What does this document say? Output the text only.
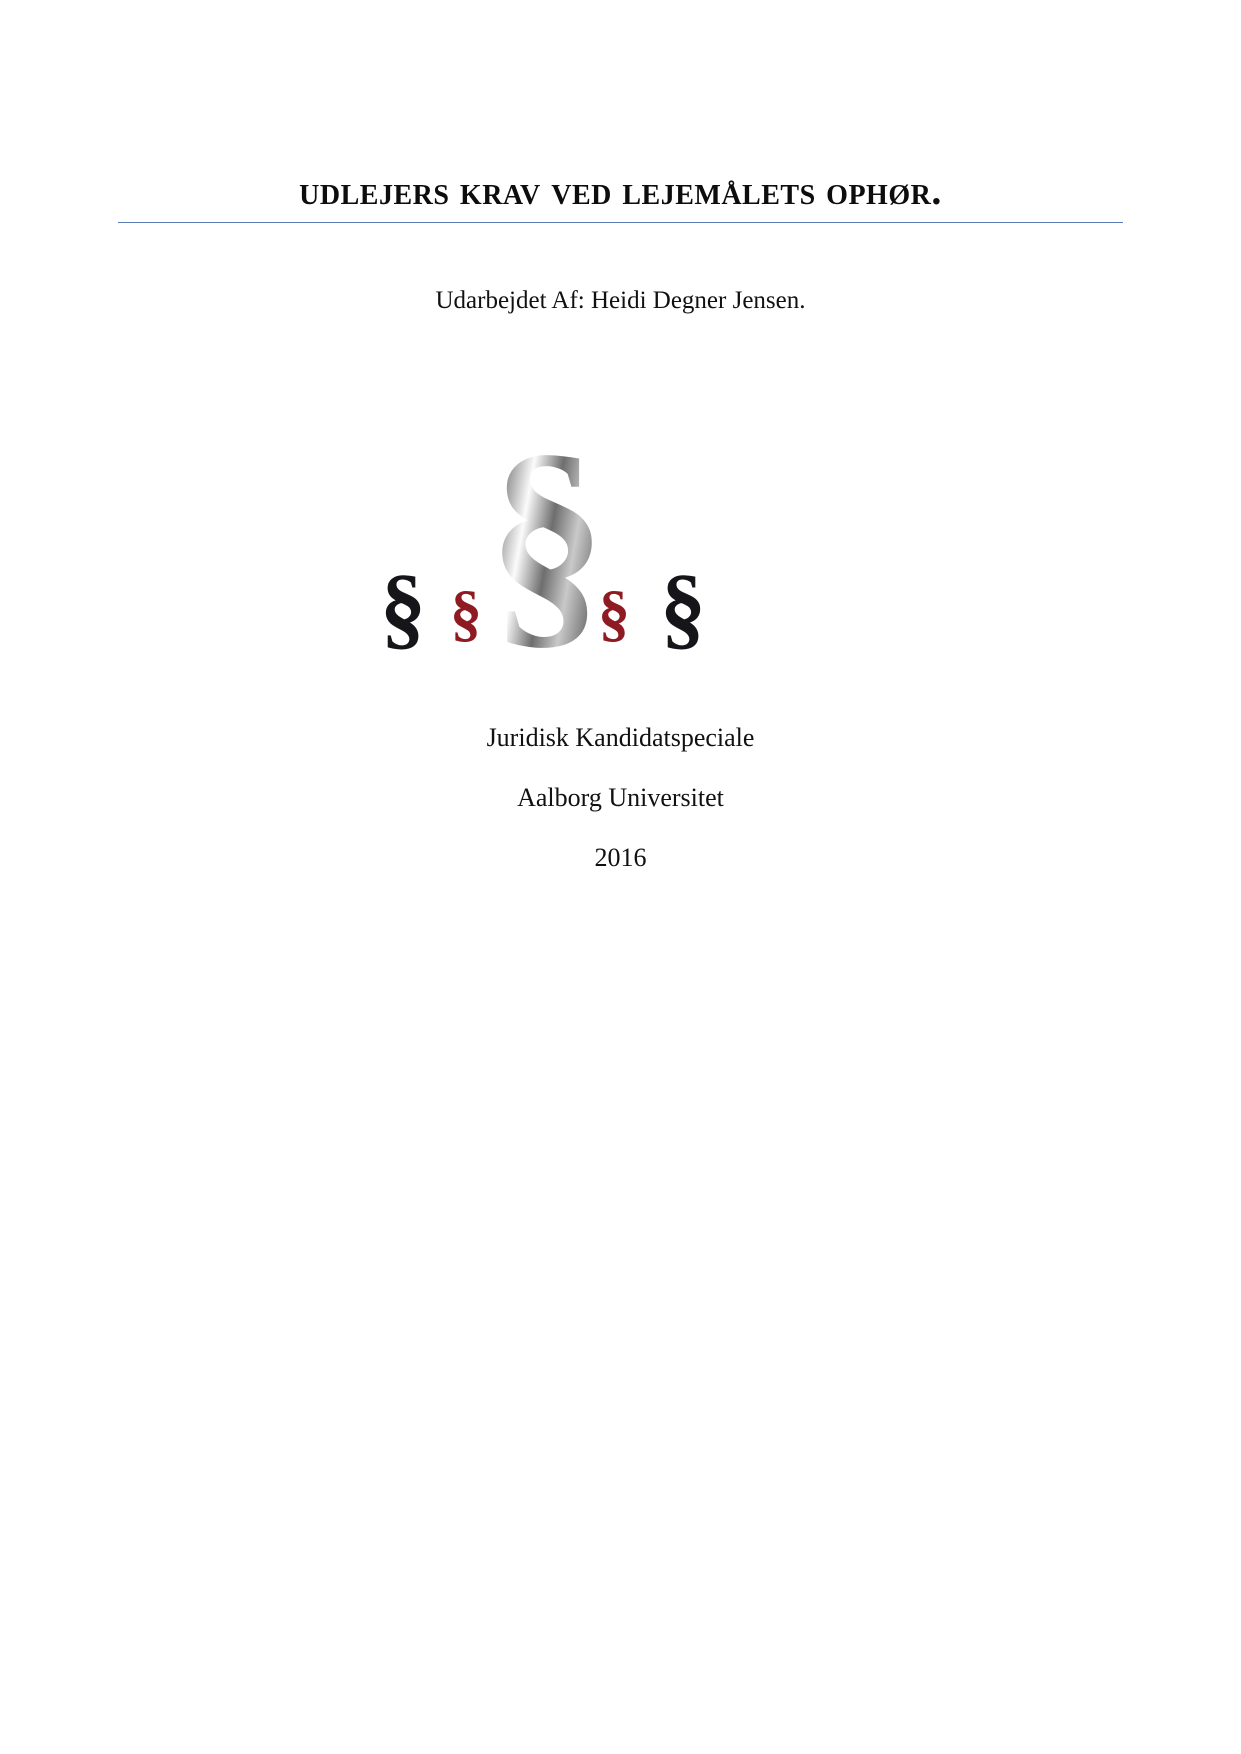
udlejers krav ved lejemålets ophør.
Udarbejdet Af: Heidi Degner Jensen.
§ § §
§ §

Juridisk Kandidatspeciale

Aalborg Universitet

2016
